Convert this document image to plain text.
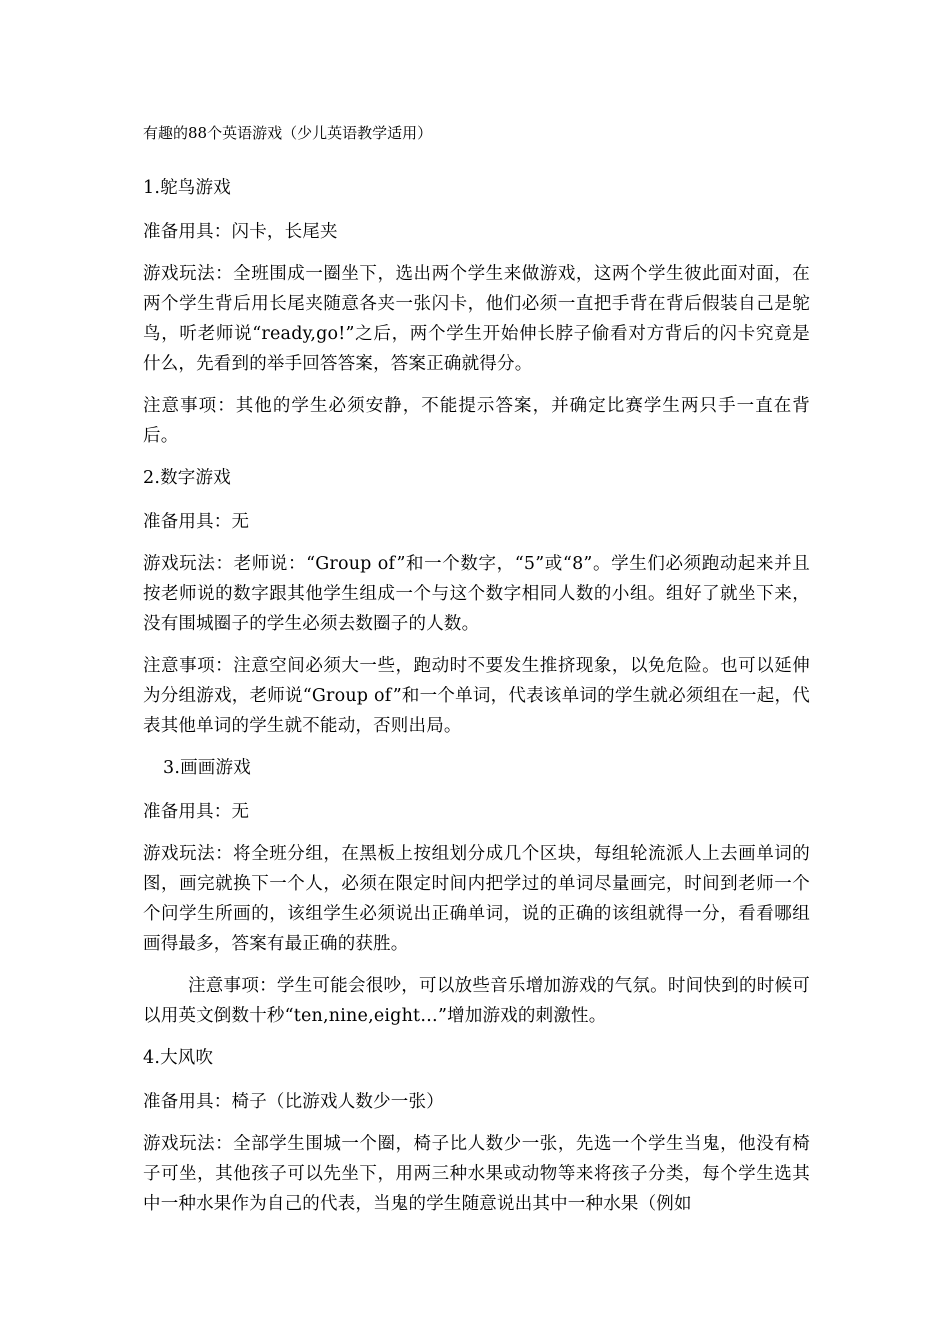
有趣的88个英语游戏（少儿英语教学适用）
1.鸵鸟游戏
准备用具：闪卡，长尾夹
游戏玩法：全班围成一圈坐下，选出两个学生来做游戏，这两个学生彼此面对面，在两个学生背后用长尾夹随意各夹一张闪卡，他们必须一直把手背在背后假装自己是鸵鸟，听老师说“ready,go!”之后，两个学生开始伸长脖子偷看对方背后的闪卡究竟是什么，先看到的举手回答答案，答案正确就得分。
注意事项：其他的学生必须安静，不能提示答案，并确定比赛学生两只手一直在背后。
2.数字游戏
准备用具：无
游戏玩法：老师说：“Group of”和一个数字，“5”或“8”。学生们必须跑动起来并且按老师说的数字跟其他学生组成一个与这个数字相同人数的小组。组好了就坐下来，没有围城圈子的学生必须去数圈子的人数。
注意事项：注意空间必须大一些，跑动时不要发生推挤现象，以免危险。也可以延伸为分组游戏，老师说“Group of”和一个单词，代表该单词的学生就必须组在一起，代表其他单词的学生就不能动，否则出局。
3.画画游戏
准备用具：无
游戏玩法：将全班分组，在黑板上按组划分成几个区块，每组轮流派人上去画单词的图，画完就换下一个人，必须在限定时间内把学过的单词尽量画完，时间到老师一个个问学生所画的，该组学生必须说出正确单词，说的正确的该组就得一分，看看哪组画得最多，答案有最正确的获胜。
注意事项：学生可能会很吵，可以放些音乐增加游戏的气氛。时间快到的时候可以用英文倒数十秒“ten,nine,eight…”增加游戏的刺激性。
4.大风吹
准备用具：椅子（比游戏人数少一张）
游戏玩法：全部学生围城一个圈，椅子比人数少一张，先选一个学生当鬼，他没有椅子可坐，其他孩子可以先坐下，用两三种水果或动物等来将孩子分类，每个学生选其中一种水果作为自己的代表，当鬼的学生随意说出其中一种水果（例如
